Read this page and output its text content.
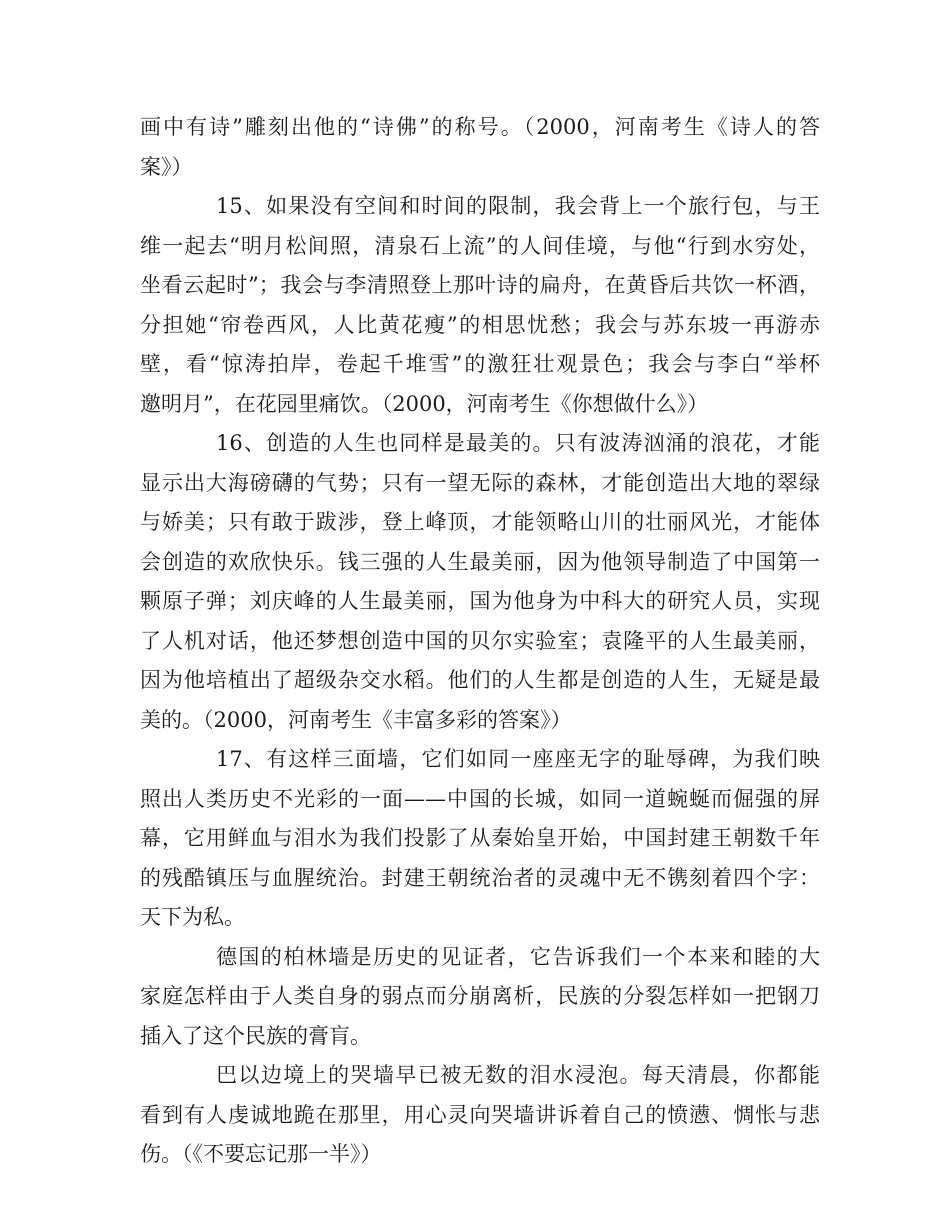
画中有诗”雕刻出他的“诗佛”的称号。（2000，河南考生《诗人的答
案》）
15、如果没有空间和时间的限制，我会背上一个旅行包，与王
维一起去“明月松间照，清泉石上流”的人间佳境，与他“行到水穷处，
坐看云起时”；我会与李清照登上那叶诗的扁舟，在黄昏后共饮一杯酒，
分担她“帘卷西风，人比黄花瘦”的相思忧愁；我会与苏东坡一再游赤
壁，看“惊涛拍岸，卷起千堆雪”的激狂壮观景色；我会与李白“举杯
邀明月”，在花园里痛饮。（2000，河南考生《你想做什么》）
16、创造的人生也同样是最美的。只有波涛汹涌的浪花，才能
显示出大海磅礴的气势；只有一望无际的森林，才能创造出大地的翠绿
与娇美；只有敢于跋涉，登上峰顶，才能领略山川的壮丽风光，才能体
会创造的欢欣快乐。钱三强的人生最美丽，因为他领导制造了中国第一
颗原子弹；刘庆峰的人生最美丽，国为他身为中科大的研究人员，实现
了人机对话，他还梦想创造中国的贝尔实验室；袁隆平的人生最美丽，
因为他培植出了超级杂交水稻。他们的人生都是创造的人生，无疑是最
美的。（2000，河南考生《丰富多彩的答案》）
17、有这样三面墙，它们如同一座座无字的耻辱碑，为我们映
照出人类历史不光彩的一面——中国的长城，如同一道蜿蜒而倔强的屏
幕，它用鲜血与泪水为我们投影了从秦始皇开始，中国封建王朝数千年
的残酷镇压与血腥统治。封建王朝统治者的灵魂中无不镌刻着四个字：
天下为私。
德国的柏林墙是历史的见证者，它告诉我们一个本来和睦的大
家庭怎样由于人类自身的弱点而分崩离析，民族的分裂怎样如一把钢刀
插入了这个民族的膏肓。
巴以边境上的哭墙早已被无数的泪水浸泡。每天清晨，你都能
看到有人虔诚地跪在那里，用心灵向哭墙讲诉着自己的愤懑、惆怅与悲
伤。（《不要忘记那一半》）
